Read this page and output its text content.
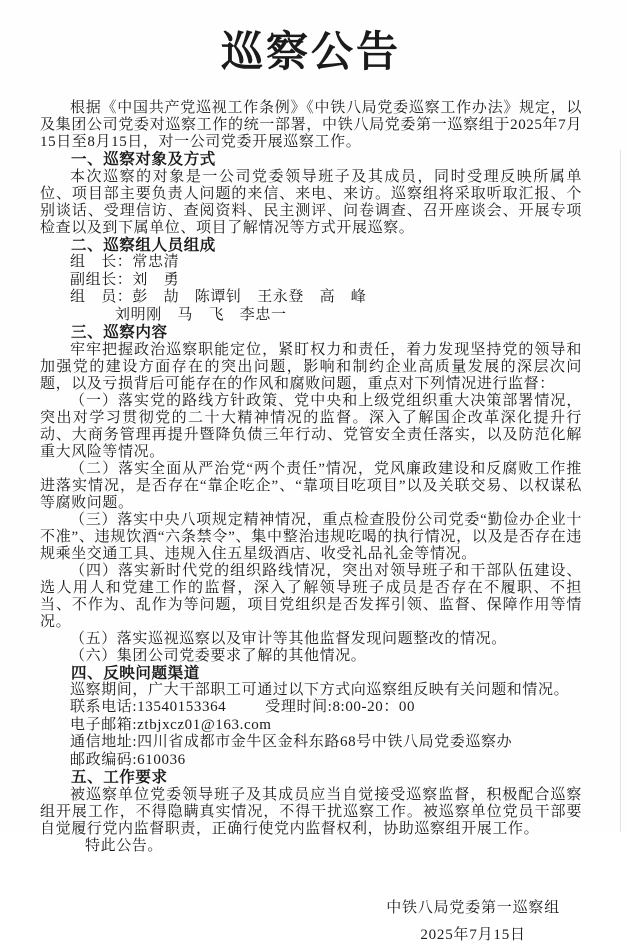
巡察公告

根据《中国共产党巡视工作条例》《中铁八局党委巡察工作办法》规定，以及集团公司党委对巡察工作的统一部署，中铁八局党委第一巡察组于2025年7月15日至8月15日，对一公司党委开展巡察工作。

一、巡察对象及方式

本次巡察的对象是一公司党委领导班子及其成员，同时受理反映所属单位、项目部主要负责人问题的来信、来电、来访。巡察组将采取听取汇报、个别谈话、受理信访、查阅资料、民主测评、问卷调查、召开座谈会、开展专项检查以及到下属单位、项目了解情况等方式开展巡察。

二、巡察组人员组成

组　长：常忠清

副组长：刘　勇

组　员：彭　劼　陈谭钊　王永登　高　峰

刘明刚　马　飞　李忠一

三、巡察内容

牢牢把握政治巡察职能定位，紧盯权力和责任，着力发现坚持党的领导和加强党的建设方面存在的突出问题，影响和制约企业高质量发展的深层次问题，以及亏损背后可能存在的作风和腐败问题，重点对下列情况进行监督：

（一）落实党的路线方针政策、党中央和上级党组织重大决策部署情况，突出对学习贯彻党的二十大精神情况的监督。深入了解国企改革深化提升行动、大商务管理再提升暨降负债三年行动、党管安全责任落实，以及防范化解重大风险等情况。

（二）落实全面从严治党“两个责任”情况，党风廉政建设和反腐败工作推进落实情况，是否存在“靠企吃企”、“靠项目吃项目”以及关联交易、以权谋私等腐败问题。

（三）落实中央八项规定精神情况，重点检查股份公司党委“勤俭办企业十不准”、违规饮酒“六条禁令”、集中整治违规吃喝的执行情况，以及是否存在违规乘坐交通工具、违规入住五星级酒店、收受礼品礼金等情况。

（四）落实新时代党的组织路线情况，突出对领导班子和干部队伍建设、选人用人和党建工作的监督，深入了解领导班子成员是否存在不履职、不担当、不作为、乱作为等问题，项目党组织是否发挥引领、监督、保障作用等情况。

（五）落实巡视巡察以及审计等其他监督发现问题整改的情况。

（六）集团公司党委要求了解的其他情况。

四、反映问题渠道

巡察期间，广大干部职工可通过以下方式向巡察组反映有关问题和情况。

联系电话:13540153364	受理时间:8:00-20：00

电子邮箱:ztbjxcz01@163.com

通信地址:四川省成都市金牛区金科东路68号中铁八局党委巡察办

邮政编码:610036

五、工作要求

被巡察单位党委领导班子及其成员应当自觉接受巡察监督，积极配合巡察组开展工作，不得隐瞒真实情况，不得干扰巡察工作。被巡察单位党员干部要自觉履行党内监督职责，正确行使党内监督权利，协助巡察组开展工作。

特此公告。

中铁八局党委第一巡察组
2025年7月15日
